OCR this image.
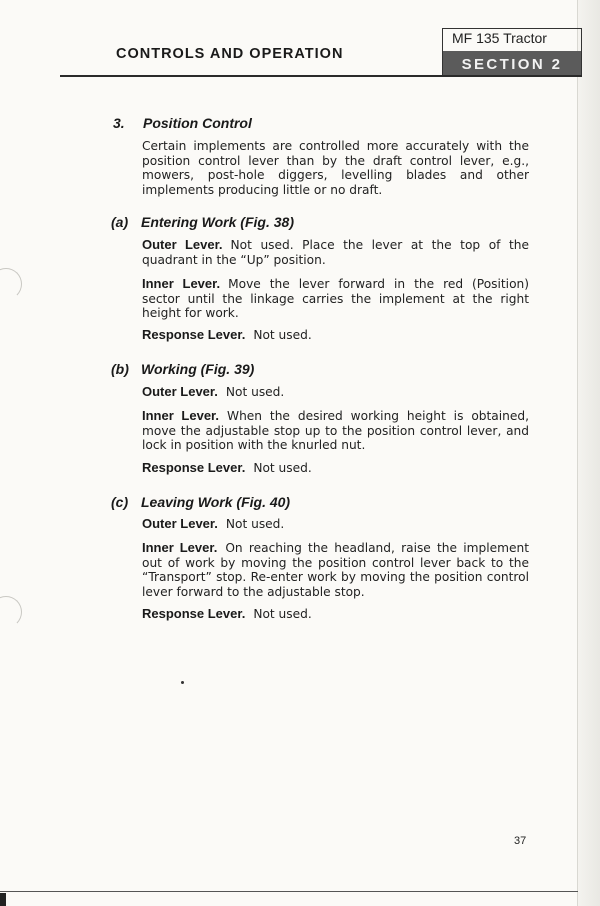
MF 135 Tractor
SECTION 2
CONTROLS AND OPERATION
3. Position Control
Certain implements are controlled more accurately with the position control lever than by the draft control lever, e.g., mowers, post-hole diggers, levelling blades and other implements producing little or no draft.
(a) Entering Work (Fig. 38)
Outer Lever. Not used. Place the lever at the top of the quadrant in the “Up” position.
Inner Lever. Move the lever forward in the red (Position) sector until the linkage carries the implement at the right height for work.
Response Lever. Not used.
(b) Working (Fig. 39)
Outer Lever. Not used.
Inner Lever. When the desired working height is obtained, move the adjustable stop up to the position control lever, and lock in position with the knurled nut.
Response Lever. Not used.
(c) Leaving Work (Fig. 40)
Outer Lever. Not used.
Inner Lever. On reaching the headland, raise the implement out of work by moving the position control lever back to the “Transport” stop. Re-enter work by moving the position control lever forward to the adjustable stop.
Response Lever. Not used.
37
